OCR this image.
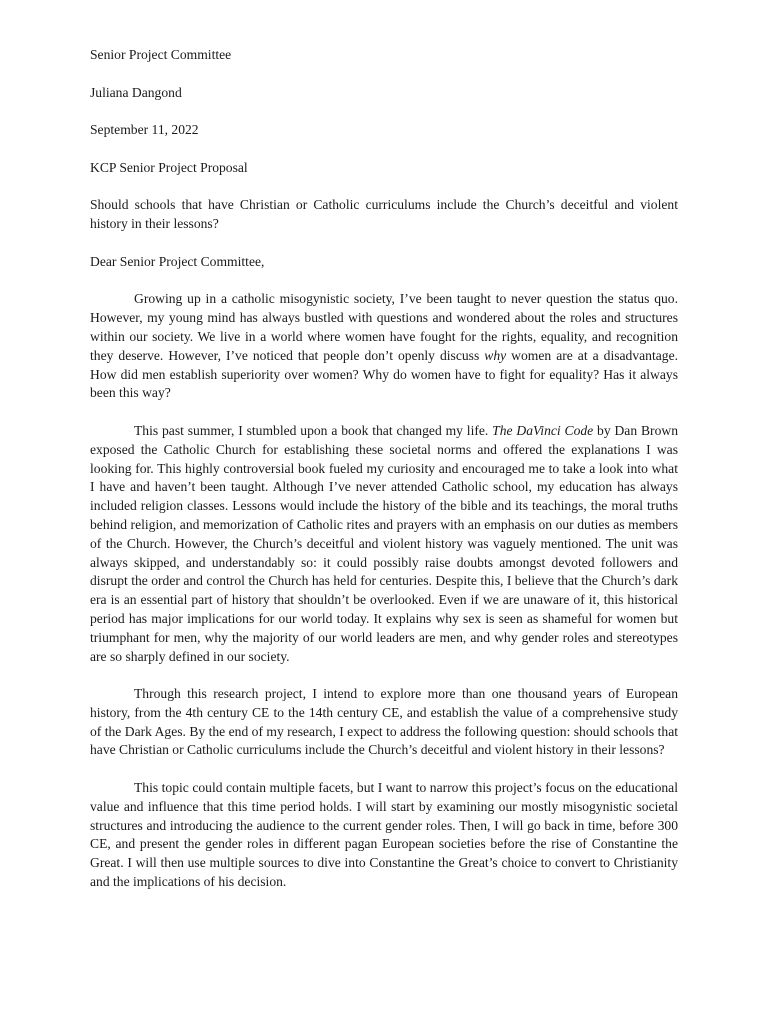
Senior Project Committee

Juliana Dangond

September 11, 2022

KCP Senior Project Proposal

Should schools that have Christian or Catholic curriculums include the Church’s deceitful and violent history in their lessons?

Dear Senior Project Committee,

Growing up in a catholic misogynistic society, I’ve been taught to never question the status quo. However, my young mind has always bustled with questions and wondered about the roles and structures within our society. We live in a world where women have fought for the rights, equality, and recognition they deserve. However, I’ve noticed that people don’t openly discuss why women are at a disadvantage. How did men establish superiority over women? Why do women have to fight for equality? Has it always been this way?

This past summer, I stumbled upon a book that changed my life. The DaVinci Code by Dan Brown exposed the Catholic Church for establishing these societal norms and offered the explanations I was looking for. This highly controversial book fueled my curiosity and encouraged me to take a look into what I have and haven’t been taught. Although I’ve never attended Catholic school, my education has always included religion classes. Lessons would include the history of the bible and its teachings, the moral truths behind religion, and memorization of Catholic rites and prayers with an emphasis on our duties as members of the Church. However, the Church’s deceitful and violent history was vaguely mentioned. The unit was always skipped, and understandably so: it could possibly raise doubts amongst devoted followers and disrupt the order and control the Church has held for centuries. Despite this, I believe that the Church’s dark era is an essential part of history that shouldn’t be overlooked. Even if we are unaware of it, this historical period has major implications for our world today. It explains why sex is seen as shameful for women but triumphant for men, why the majority of our world leaders are men, and why gender roles and stereotypes are so sharply defined in our society.

Through this research project, I intend to explore more than one thousand years of European history, from the 4th century CE to the 14th century CE, and establish the value of a comprehensive study of the Dark Ages. By the end of my research, I expect to address the following question: should schools that have Christian or Catholic curriculums include the Church’s deceitful and violent history in their lessons?

This topic could contain multiple facets, but I want to narrow this project’s focus on the educational value and influence that this time period holds. I will start by examining our mostly misogynistic societal structures and introducing the audience to the current gender roles. Then, I will go back in time, before 300 CE, and present the gender roles in different pagan European societies before the rise of Constantine the Great. I will then use multiple sources to dive into Constantine the Great’s choice to convert to Christianity and the implications of his decision.
